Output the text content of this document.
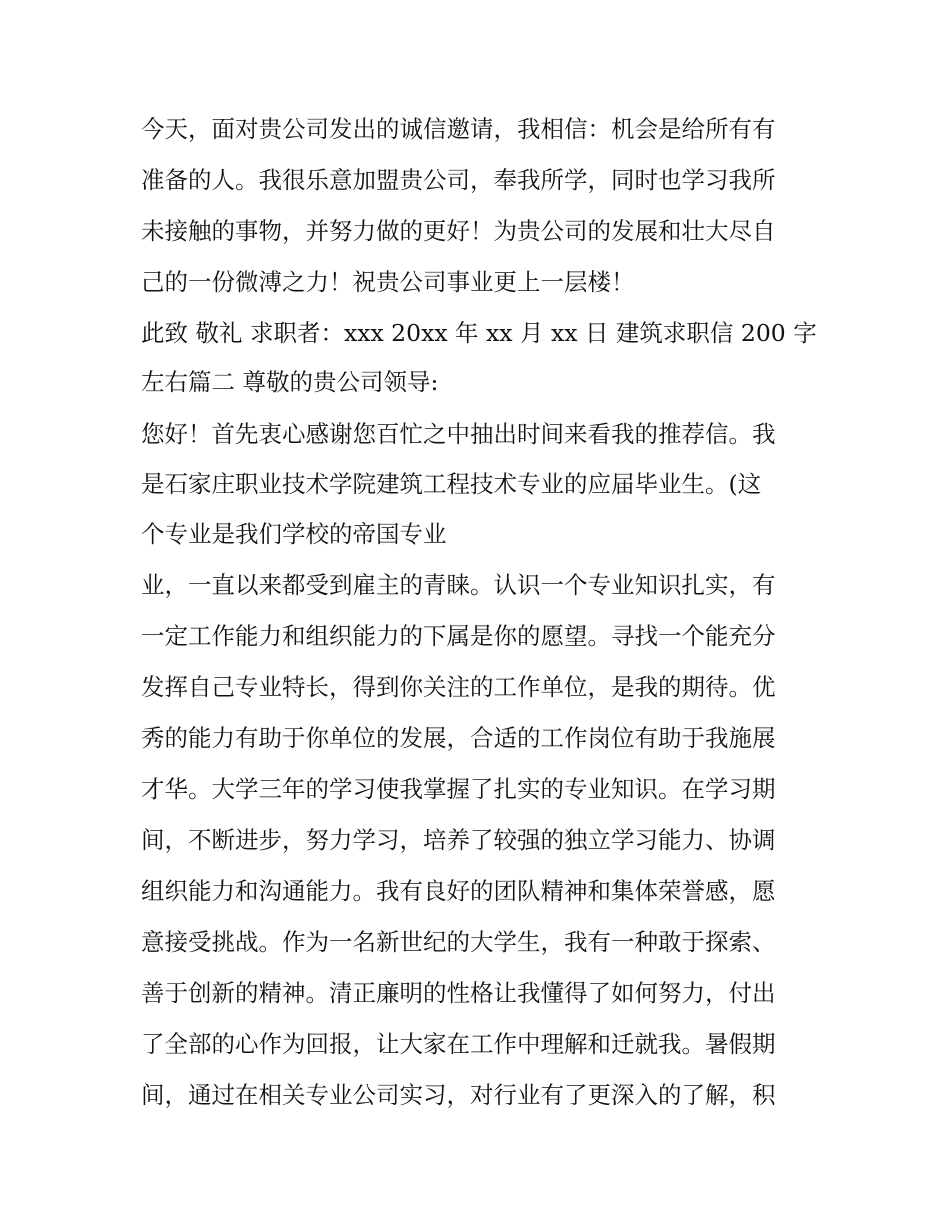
今天，面对贵公司发出的诚信邀请，我相信：机会是给所有有
准备的人。我很乐意加盟贵公司，奉我所学，同时也学习我所
未接触的事物，并努力做的更好！为贵公司的发展和壮大尽自
己的一份微溥之力！祝贵公司事业更上一层楼！
此致 敬礼 求职者：xxx 20xx 年 xx 月 xx 日 建筑求职信 200 字
左右篇二 尊敬的贵公司领导:
您好！首先衷心感谢您百忙之中抽出时间来看我的推荐信。我
是石家庄职业技术学院建筑工程技术专业的应届毕业生。(这
个专业是我们学校的帝国专业
业，一直以来都受到雇主的青睐。认识一个专业知识扎实，有
一定工作能力和组织能力的下属是你的愿望。寻找一个能充分
发挥自己专业特长，得到你关注的工作单位，是我的期待。优
秀的能力有助于你单位的发展，合适的工作岗位有助于我施展
才华。大学三年的学习使我掌握了扎实的专业知识。在学习期
间，不断进步，努力学习，培养了较强的独立学习能力、协调
组织能力和沟通能力。我有良好的团队精神和集体荣誉感，愿
意接受挑战。作为一名新世纪的大学生，我有一种敢于探索、
善于创新的精神。清正廉明的性格让我懂得了如何努力，付出
了全部的心作为回报，让大家在工作中理解和迁就我。暑假期
间，通过在相关专业公司实习，对行业有了更深入的了解，积
